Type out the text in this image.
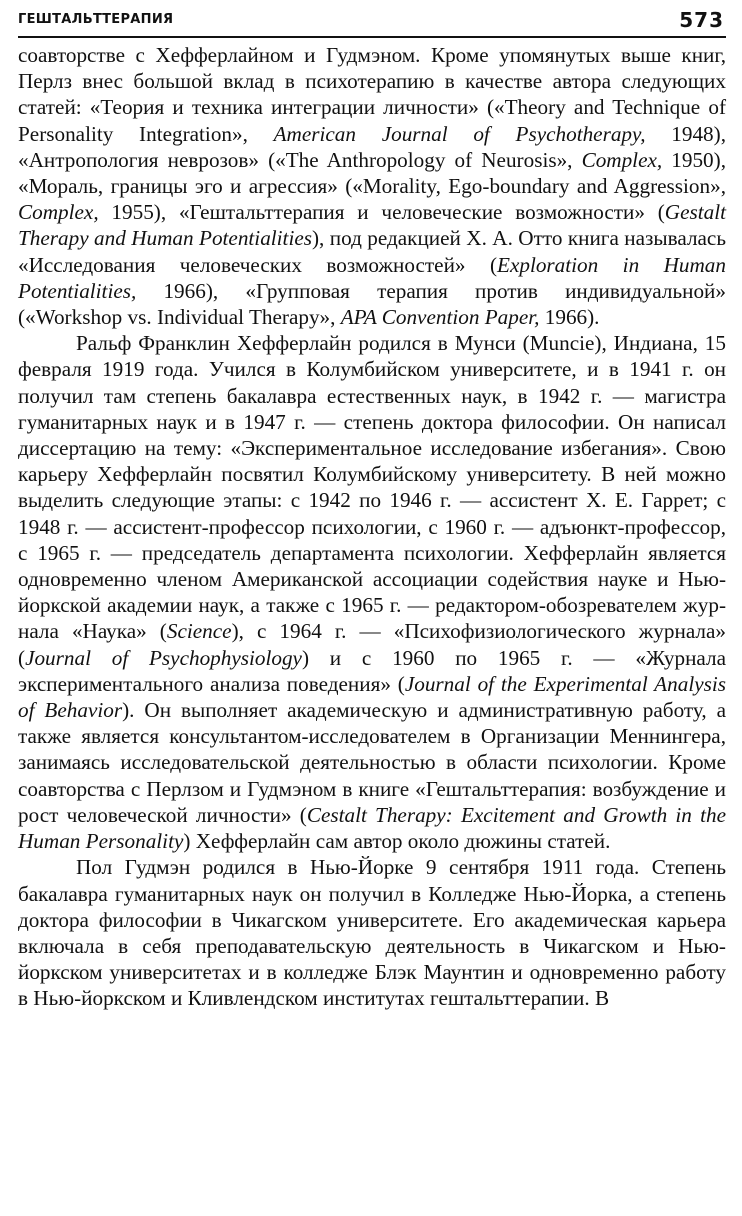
ГЕШТАЛЬТТЕРАПИЯ	573

соавторстве с Хефферлайном и Гудмэном. Кроме упомянутых выше книг, Перлз внес большой вклад в психотерапию в качестве автора следующих статей: «Теория и техника интеграции личности» («Theory and Technique of Personality Integration», American Journal of Psychotherapy, 1948), «Антропология неврозов» («The Anthropology of Neurosis», Complex, 1950), «Мораль, границы эго и агрессия» («Morality, Ego-boundary and Aggression», Complex, 1955), «Гештальттерапия и человеческие возможности» (Gestalt Therapy and Human Potentialities), под редакцией X. А. Отто книга называлась «Исследования человеческих возможностей» (Exploration in Human Potentialities, 1966), «Групповая терапия против индивидуальной» («Workshop vs. Individual Therapy», APA Convention Paper, 1966).

Ральф Франклин Хефферлайн родился в Мунси (Muncie), Индиана, 15 февраля 1919 года. Учился в Колумбийском университете, и в 1941 г. он получил там степень бакалавра естественных наук, в 1942 г. — магистра гуманитарных наук и в 1947 г. — степень доктора философии. Он написал диссертацию на тему: «Экспериментальное исследование избегания». Свою карьеру Хефферлайн посвятил Колумбийскому университету. В ней можно выделить следующие этапы: с 1942 по 1946 г. — ассистент X. Е. Гаррет; с 1948 г. — ассистент-профессор психологии, с 1960 г. — адъюнкт-профессор, с 1965 г. — председатель департамента психологии. Хефферлайн является одновременно членом Американской ассоциации содействия науке и Нью-йоркской академии наук, а также с 1965 г. — редактором-обозревателем журнала «Наука» (Science), с 1964 г. — «Психофизиологического журнала» (Journal of Psychophysiology) и с 1960 по 1965 г. — «Журнала экспериментального анализа поведения» (Journal of the Experimental Analysis of Behavior). Он выполняет академическую и административную работу, а также является консультантом-исследователем в Организации Меннингера, занимаясь исследовательской деятельностью в области психологии. Кроме соавторства с Перлзом и Гудмэном в книге «Гештальттерапия: возбуждение и рост человеческой личности» (Cestalt Therapy: Excitement and Growth in the Human Personality) Хефферлайн сам автор около дюжины статей.

Пол Гудмэн родился в Нью-Йорке 9 сентября 1911 года. Степень бакалавра гуманитарных наук он получил в Колледже Нью-Йорка, а степень доктора философии в Чикагском университете. Его академическая карьера включала в себя преподавательскую деятельность в Чикагском и Нью-йоркском университетах и в колледже Блэк Маунтин и одновременно работу в Нью-йоркском и Кливлендском институтах гештальттерапии. В
